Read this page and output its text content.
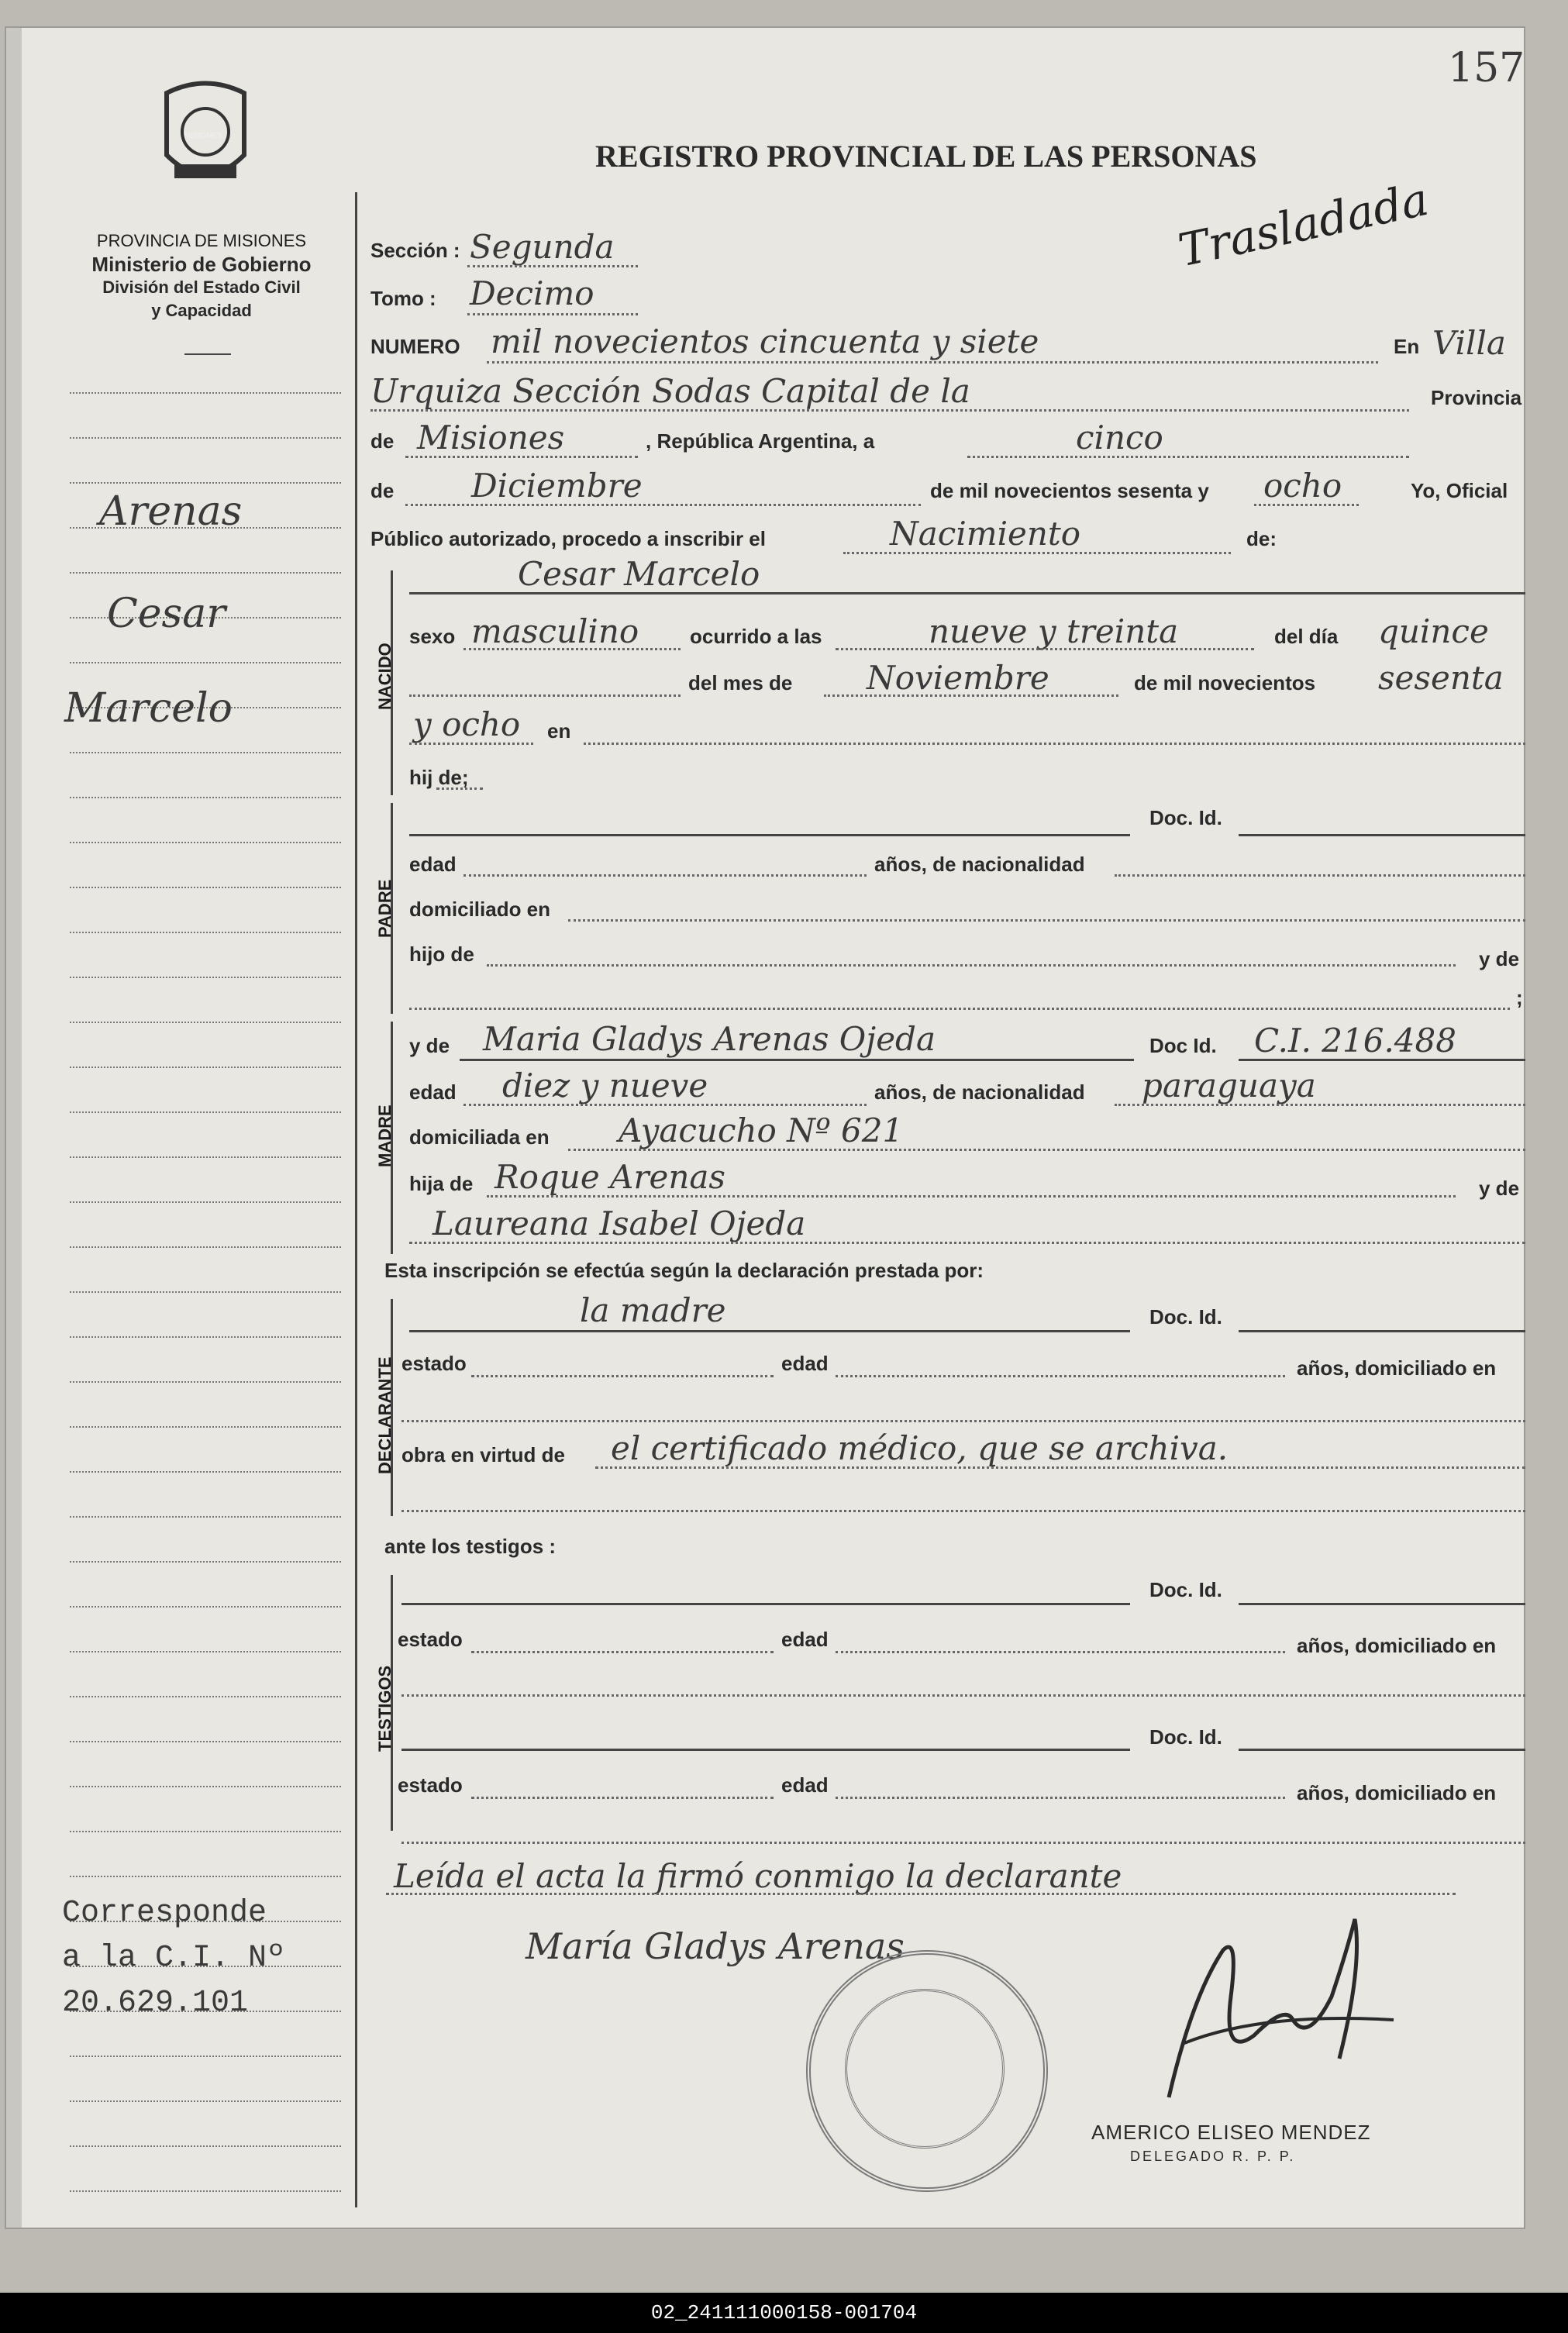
MISIONES
PROVINCIA DE MISIONES
Ministerio de Gobierno
División del Estado Civil
y Capacidad
REGISTRO PROVINCIAL DE LAS PERSONAS
157
Trasladada
Arenas
Cesar
Marcelo
Corresponde
a la C.I. Nº
20.629.101
Sección : Segunda
Tomo : Decimo
NUMERO mil novecientos cincuenta y siete	En Villa
Urquiza Sección Sodas Capital de la	Provincia
de Misiones	, República Argentina, a	cinco
de Diciembre	de mil novecientos sesenta y ocho	Yo, Oficial
Público autorizado, procedo a inscribir el	Nacimiento	de:
NACIDO
Cesar Marcelo
sexo masculino	ocurrido a las	nueve y treinta	del día quince
del mes de Noviembre	de mil novecientos sesenta
y ocho en
hij de;
PADRE
Doc. Id.
edad	años, de nacionalidad
domiciliado en
hijo de	y de
;
MADRE
y de Maria Gladys Arenas Ojeda	Doc Id. C.I. 216.488
edad diez y nueve	años, de nacionalidad paraguaya
domiciliada en Ayacucho Nº 621
hija de Roque Arenas	y de
Laureana Isabel Ojeda
Esta inscripción se efectúa según la declaración prestada por:
DECLARANTE
la madre	Doc. Id.
estado	edad	años, domiciliado en
obra en virtud de el certificado médico, que se archiva.
ante los testigos :
TESTIGOS
Doc. Id.
estado	edad	años, domiciliado en
Doc. Id.
estado	edad	años, domiciliado en
Leída el acta la firmó conmigo la declarante
María Gladys Arenas
AMERICO ELISEO MENDEZ
DELEGADO R. P. P.
02_241111000158-001704
